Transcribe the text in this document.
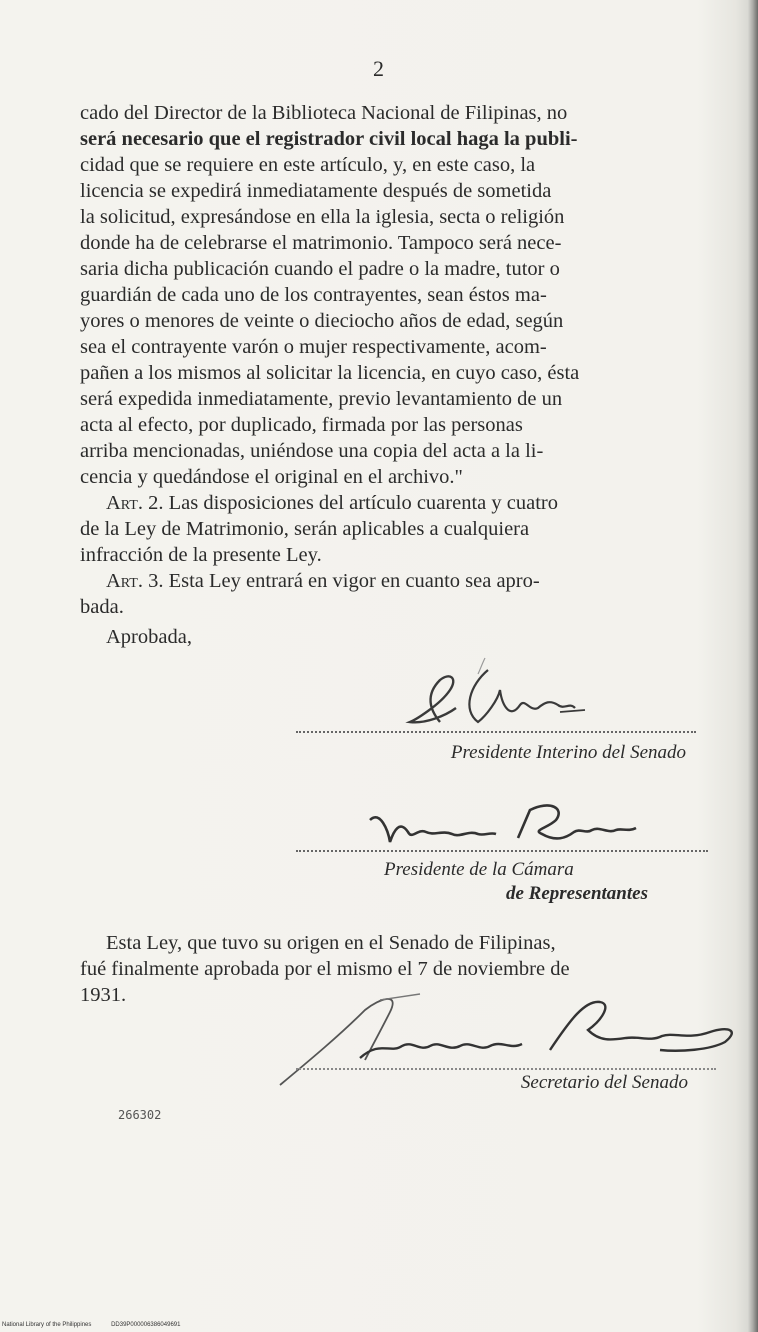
2
cado del Director de la Biblioteca Nacional de Filipinas, no
será necesario que el registrador civil local haga la publi-
cidad que se requiere en este artículo, y, en este caso, la
licencia se expedirá inmediatamente después de sometida
la solicitud, expresándose en ella la iglesia, secta o religión
donde ha de celebrarse el matrimonio. Tampoco será nece-
saria dicha publicación cuando el padre o la madre, tutor o
guardián de cada uno de los contrayentes, sean éstos ma-
yores o menores de veinte o dieciocho años de edad, según
sea el contrayente varón o mujer respectivamente, acom-
pañen a los mismos al solicitar la licencia, en cuyo caso, ésta
será expedida inmediatamente, previo levantamiento de un
acta al efecto, por duplicado, firmada por las personas
arriba mencionadas, uniéndose una copia del acta a la li-
cencia y quedándose el original en el archivo."
Art. 2. Las disposiciones del artículo cuarenta y cuatro
de la Ley de Matrimonio, serán aplicables a cualquiera
infracción de la presente Ley.
Art. 3. Esta Ley entrará en vigor en cuanto sea apro-
bada.
Aprobada,
Presidente Interino del Senado
Presidente de la Cámara
de Representantes
Esta Ley, que tuvo su origen en el Senado de Filipinas,
fué finalmente aprobada por el mismo el 7 de noviembre de
1931.
Secretario del Senado
266302
National Library of the Philippines	DD39P000006386049691
